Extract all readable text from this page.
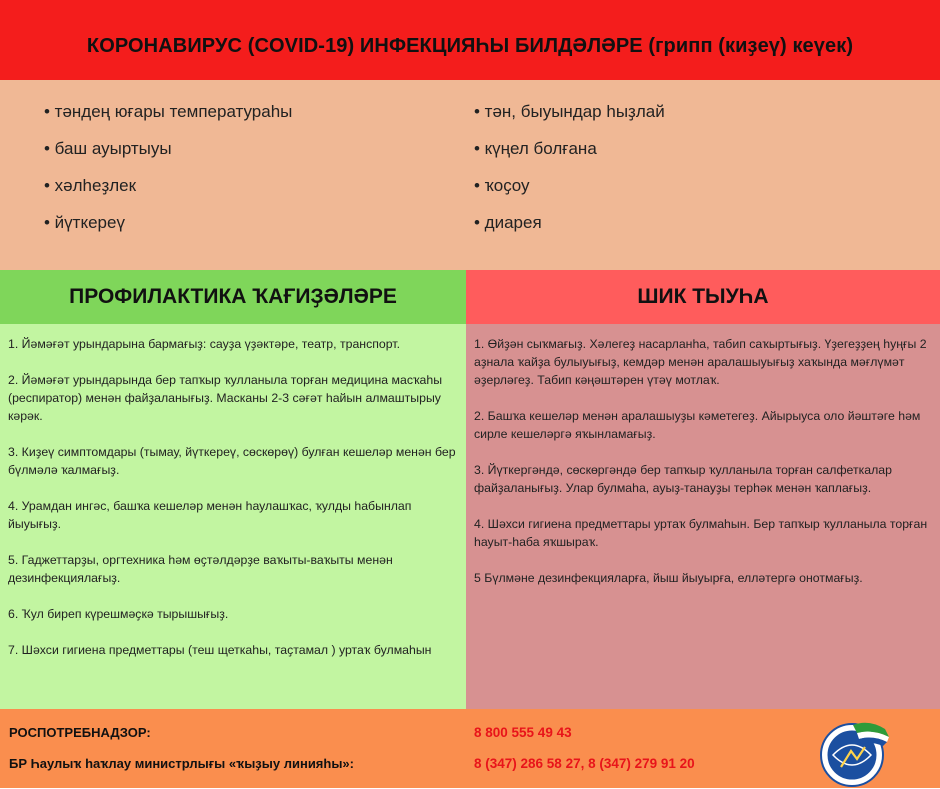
КОРОНАВИРУС (COVID-19) ИНФЕКЦИЯҺЫ БИЛДӘЛӘРЕ (грипп (киҙеү) кеүек)
• тәндең юғары температураһы
• баш ауыртыуы
• хәлһеҙлек
• йүткереү
• тән, быуындар һыҙлай
• күңел болғана
• ҡоҫоу
• диарея
ПРОФИЛАКТИКА ҠАҒИҘӘЛӘРЕ	ШИК ТЫУҺА

1. Йәмәғәт урындарына бармағыҙ: сауҙа үҙәктәре, театр, транспорт.

2. Йәмәғәт урындарында бер тапҡыр ҡулланыла торған медицина масҡаһы (респиратор) менән файҙаланығыҙ. Масканы 2-3 сәғәт һайын алмаштырыу кәрәк.

3. Киҙеү симптомдары (тымау, йүткереү, сөскөрөү) булған кешеләр менән бер бүлмәлә ҡалмағыҙ.

4. Урамдан ингәс, башҡа кешеләр менән һаулашҡас, ҡулды һабынлап йыуығыҙ.

5. Гаджеттарҙы, оргтехника һәм өҫтәлдәрҙе ваҡыты-ваҡыты менән дезинфекциялағыҙ.

6. Ҡул биреп күрешмәҫкә тырышығыҙ.

7. Шәхси гигиена предметтары (теш щеткаһы, таҫтамал ) уртаҡ булмаһын

1. Өйҙән сыҡмағыҙ. Хәлегеҙ насарланһа, табип саҡыртығыҙ. Үҙегеҙҙең һуңғы 2 аҙнала ҡайҙа булыуығыҙ, кемдәр менән аралашыуығыҙ хаҡында мәғлүмәт әҙерләгеҙ. Табип кәңәштәрен үтәү мотлаҡ.

2. Башҡа кешеләр менән аралашыуҙы кәметегеҙ. Айырыуса оло йәштәге һәм сирле кешеләргә яҡынламағыҙ.

3. Йүткергәндә, сөскөргәндә бер тапҡыр ҡулланыла торған салфеткалар файҙаланығыҙ. Улар булмаһа, ауыҙ-танауҙы терһәк менән ҡаплағыҙ.

4. Шәхси гигиена предметтары уртаҡ булмаһын. Бер тапҡыр ҡулланыла торған һауыт-һаба яҡшыраҡ.

5 Бүлмәне дезинфекцияларға, йыш йыуырға, елләтергә онотмағыҙ.

РОСПОТРЕБНАДЗОР:	8 800 555 49 43
БР Һаулыҡ һаҡлау министрлығы «ҡыҙыу линияһы»:	8 (347) 286 58 27, 8 (347) 279 91 20
